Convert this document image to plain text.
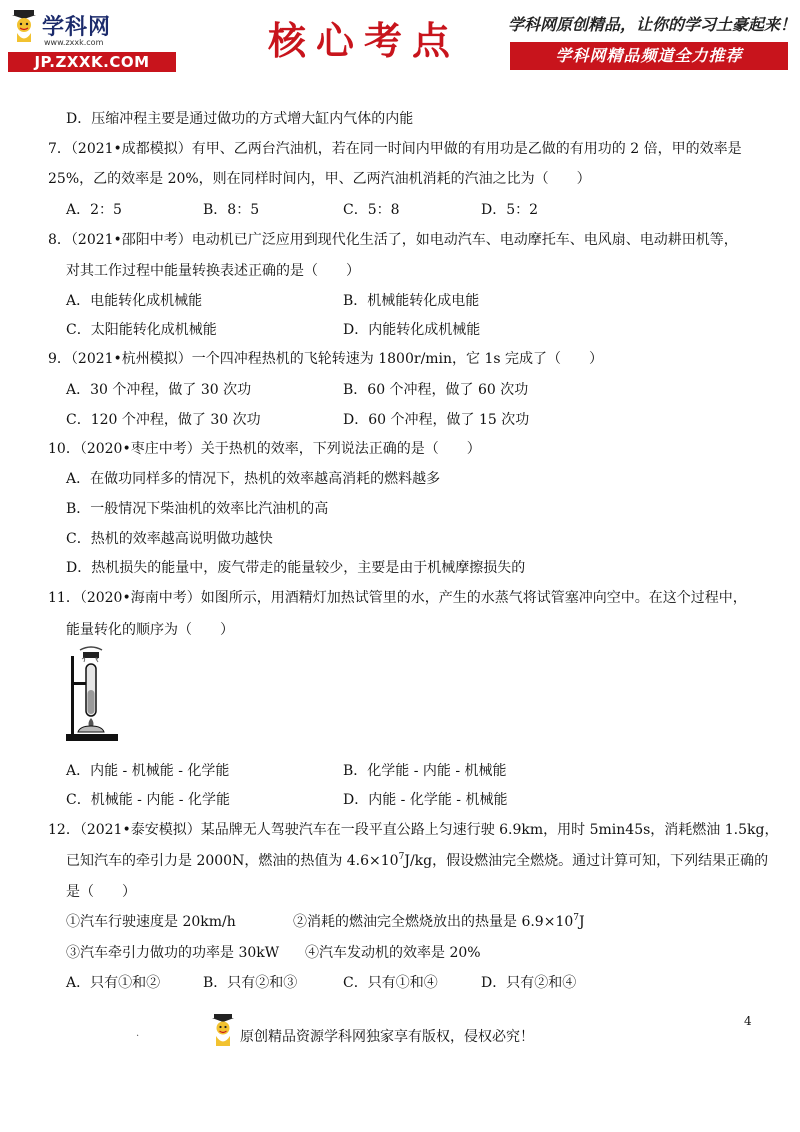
学科网
www.zxxk.com
JP.ZXXK.COM	核心考点	学科网原创精品，让你的学习土豪起来！
学科网精品频道全力推荐
D．压缩冲程主要是通过做功的方式增大缸内气体的内能
7．（2021•成都模拟）有甲、乙两台汽油机，若在同一时间内甲做的有用功是乙做的有用功的 2 倍，甲的效率是
25%，乙的效率是 20%，则在同样时间内，甲、乙两汽油机消耗的汽油之比为（　　）
A．2：5	B．8：5	C．5：8	D．5：2
8．（2021•邵阳中考）电动机已广泛应用到现代化生活了，如电动汽车、电动摩托车、电风扇、电动耕田机等，
对其工作过程中能量转换表述正确的是（　　）
A．电能转化成机械能	B．机械能转化成电能
C．太阳能转化成机械能	D．内能转化成机械能
9．（2021•杭州模拟）一个四冲程热机的飞轮转速为 1800r/min，它 1s 完成了（　　）
A．30 个冲程，做了 30 次功	B．60 个冲程，做了 60 次功
C．120 个冲程，做了 30 次功	D．60 个冲程，做了 15 次功
10．（2020•枣庄中考）关于热机的效率，下列说法正确的是（　　）
A．在做功同样多的情况下，热机的效率越高消耗的燃料越多
B．一般情况下柴油机的效率比汽油机的高
C．热机的效率越高说明做功越快
D．热机损失的能量中，废气带走的能量较少，主要是由于机械摩擦损失的
11．（2020•海南中考）如图所示，用酒精灯加热试管里的水，产生的水蒸气将试管塞冲向空中。在这个过程中，
能量转化的顺序为（　　）
A．内能 - 机械能 - 化学能	B．化学能 - 内能 - 机械能
C．机械能 - 内能 - 化学能	D．内能 - 化学能 - 机械能
12．（2021•泰安模拟）某品牌无人驾驶汽车在一段平直公路上匀速行驶 6.9km，用时 5min45s，消耗燃油 1.5kg，
已知汽车的牵引力是 2000N，燃油的热值为 $4.6\times 10^7J/kg$，假设燃油完全燃烧。通过计算可知，下列结果正确的
是（　　）
①汽车行驶速度是 20km/h	②消耗的燃油完全燃烧放出的热量是 $6.9\times 10^7J$
③汽车牵引力做功的功率是 30kW ④汽车发动机的效率是 20%
A．只有①和②	B．只有②和③	C．只有①和④	D．只有②和④
.	原创精品资源学科网独家享有版权，侵权必究！
4
